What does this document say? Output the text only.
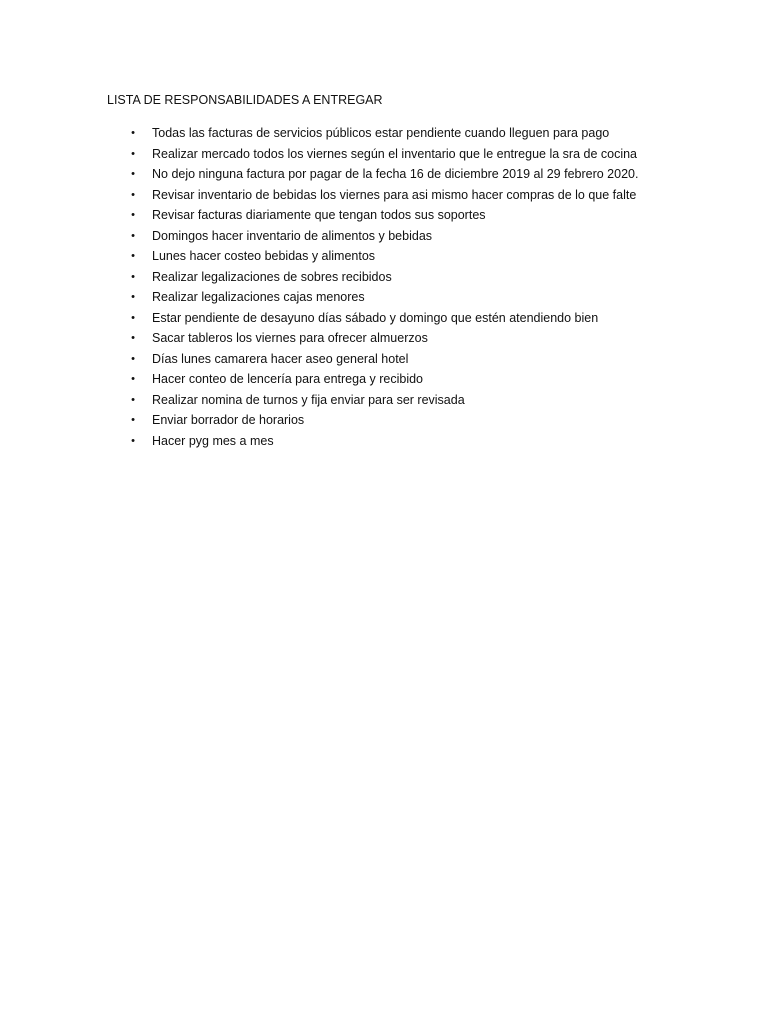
LISTA DE RESPONSABILIDADES A ENTREGAR
•	Todas las facturas de servicios públicos estar pendiente cuando lleguen para pago
•	Realizar mercado todos los viernes según el inventario que le entregue la sra de cocina
•	No dejo ninguna factura por pagar de la fecha 16 de diciembre 2019 al 29 febrero 2020.
•	Revisar inventario de bebidas los viernes para asi mismo hacer compras de lo que falte
•	Revisar facturas diariamente que tengan todos sus soportes
•	Domingos hacer inventario de alimentos y bebidas
•	Lunes hacer costeo bebidas y alimentos
•	Realizar legalizaciones de sobres recibidos
•	Realizar legalizaciones cajas menores
•	Estar pendiente de desayuno días sábado y domingo que estén atendiendo bien
•	Sacar tableros los viernes para ofrecer almuerzos
•	Días lunes camarera hacer aseo general hotel
•	Hacer conteo de lencería para entrega y recibido
•	Realizar nomina de turnos y fija enviar para ser revisada
•	Enviar borrador de horarios
•	Hacer pyg mes a mes
